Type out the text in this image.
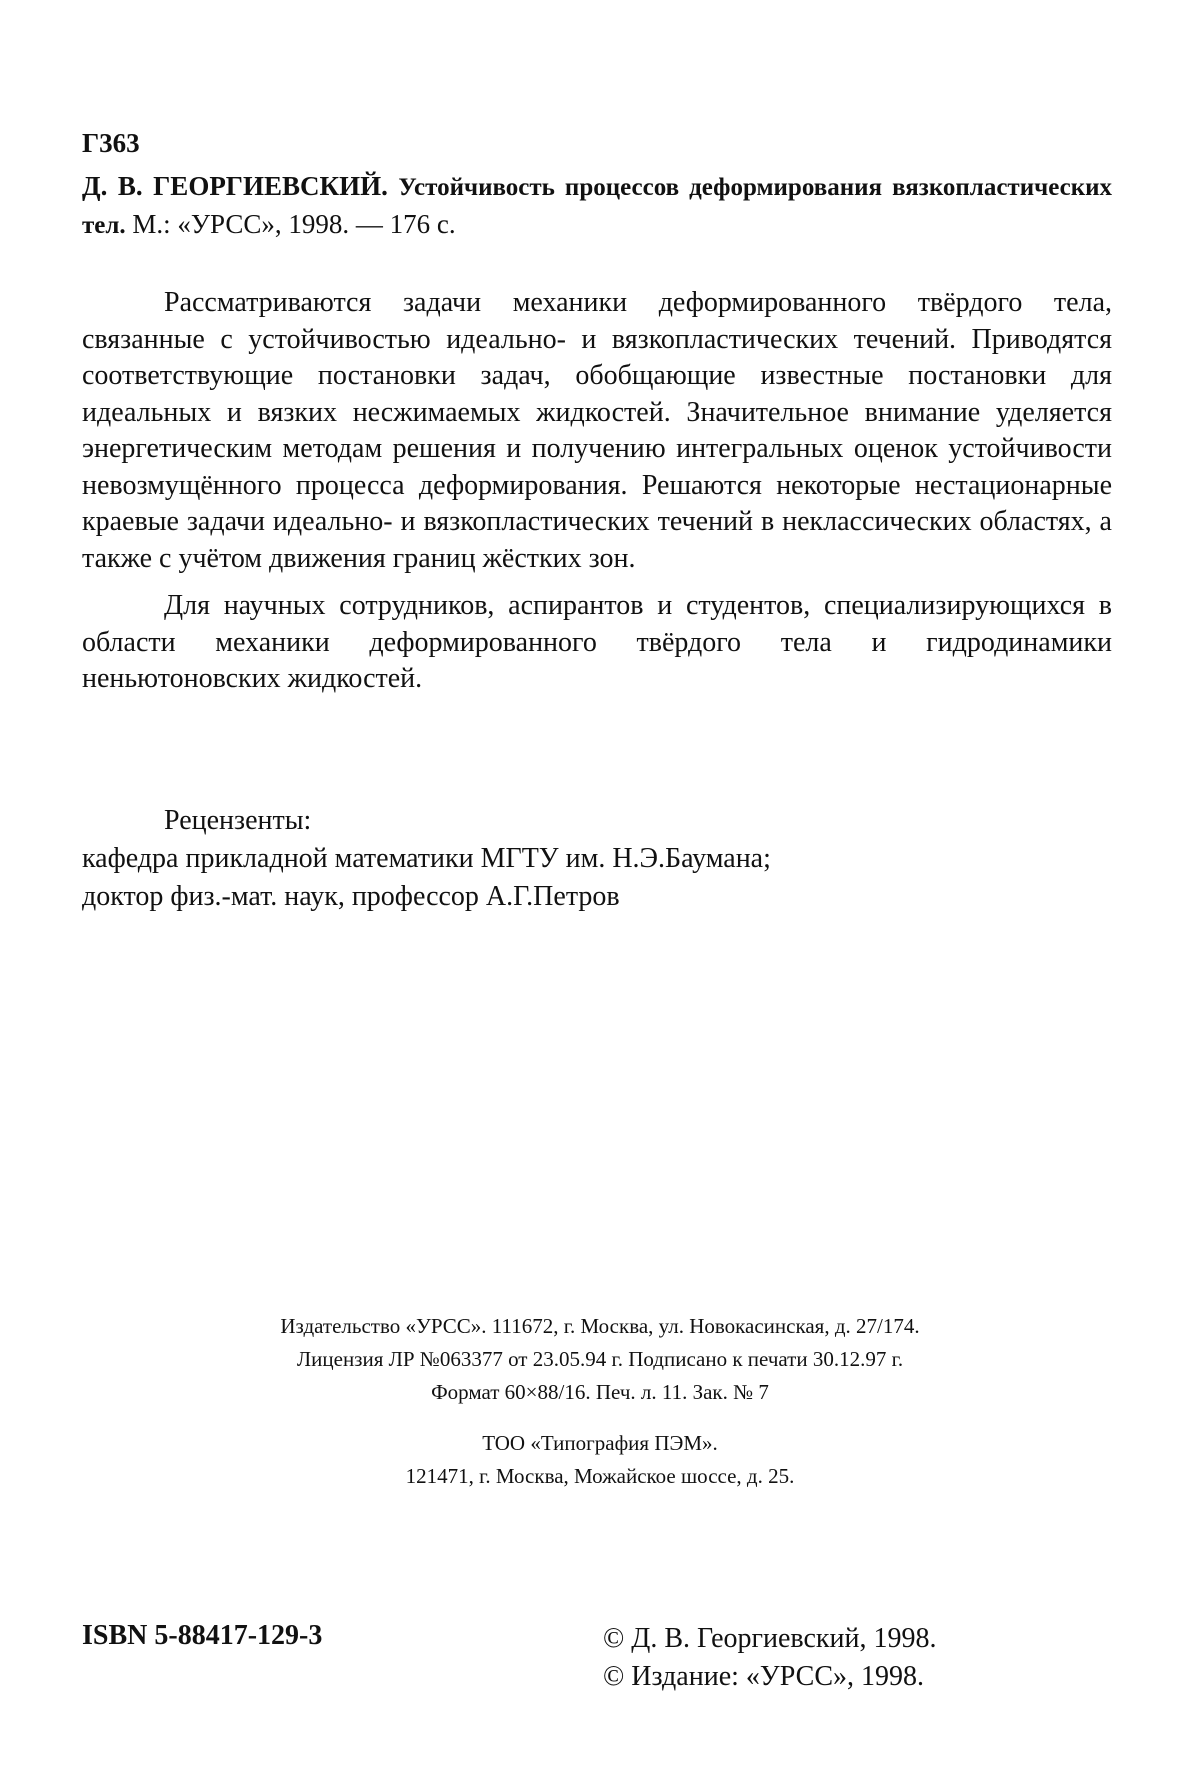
Г363
Д. В. ГЕОРГИЕВСКИЙ. Устойчивость процессов деформирования вязкопластических тел. М.: «УРСС», 1998. — 176 с.

Рассматриваются задачи механики деформированного твёрдого тела, связанные с устойчивостью идеально- и вязкопластических течений. Приводятся соответствующие постановки задач, обобщающие известные постановки для идеальных и вязких несжимаемых жидкостей. Значительное внимание уделяется энергетическим методам решения и получению интегральных оценок устойчивости невозмущённого процесса деформирования. Решаются некоторые нестационарные краевые задачи идеально- и вязкопластических течений в неклассических областях, а также с учётом движения границ жёстких зон.

Для научных сотрудников, аспирантов и студентов, специализирующихся в области механики деформированного твёрдого тела и гидродинамики неньютоновских жидкостей.

Рецензенты:
кафедра прикладной математики МГТУ им. Н.Э.Баумана;
доктор физ.-мат. наук, профессор А.Г.Петров
Издательство «УРСС». 111672, г. Москва, ул. Новокасинская, д. 27/174.
Лицензия ЛР №063377 от 23.05.94 г. Подписано к печати 30.12.97 г.
Формат 60×88/16. Печ. л. 11. Зак. № 7
ТОО «Типография ПЭМ».
121471, г. Москва, Можайское шоссе, д. 25.
ISBN 5-88417-129-3	© Д. В. Георгиевский, 1998.
© Издание: «УРСС», 1998.
